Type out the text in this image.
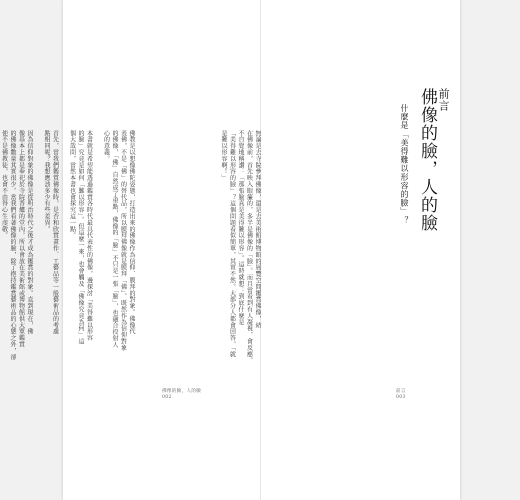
前言
佛像的臉，人的臉
什麼是「美得難以形容的臉」？
無論是去寺院參拜佛像，還是去美術館博物館的展覽空間鑑賞佛像，結
在佛像前，首先映入眼簾的，多半是佛像的「臉」。而且當看到有人凝視，會反應，
不自覺地稱讚：「那張臉真是美得難以形容」。這時就想：到底什麼是
「美得難以形容的臉」？這個問題看似簡單，其實不然。大部分人都會回答，「就
是難以形容啊！」
前言
003
佛教是以想像佛陀姿態，打造出來的佛像作為信仰、膜拜的對象。佛像代
表佛，不是「佛」的替代品，所以膜拜佛像就是膜拜「佛」。既然作為信仰對象
的佛像，「佛」自然成了重點，佛像的「臉」不只是一張「臉」，也融合投射人
心的意義。
本書就是希望能透過鑑賞各時代最具代表性的佛像，邊探討「美得難以形容
的臉」究竟是如何「難以形容」。但這麼一來，也會觸及「佛像究竟為何」這
個大哉問，當然本書也會探究這一點。
首先，當我們鑑賞佛像時，是否和欣賞畫作、工藝品等一般藝術品的考慮
點相同呢？我想應該多少有些差異。
因為信仰對象的佛像是從明治時代之後才成為鑑賞的對象。直到現在，佛
像基本上都是奉祀於寺院香爐的堂內，所以會放在美術館或博物館供大眾鑑賞
的佛像數量其實很少。當我們看著佛像的臉，除了抱持鑑賞藝術品的心態之外，卻
使不是佛教徒，也會不由得心生虔敬。
佛像的臉，人的臉
002
